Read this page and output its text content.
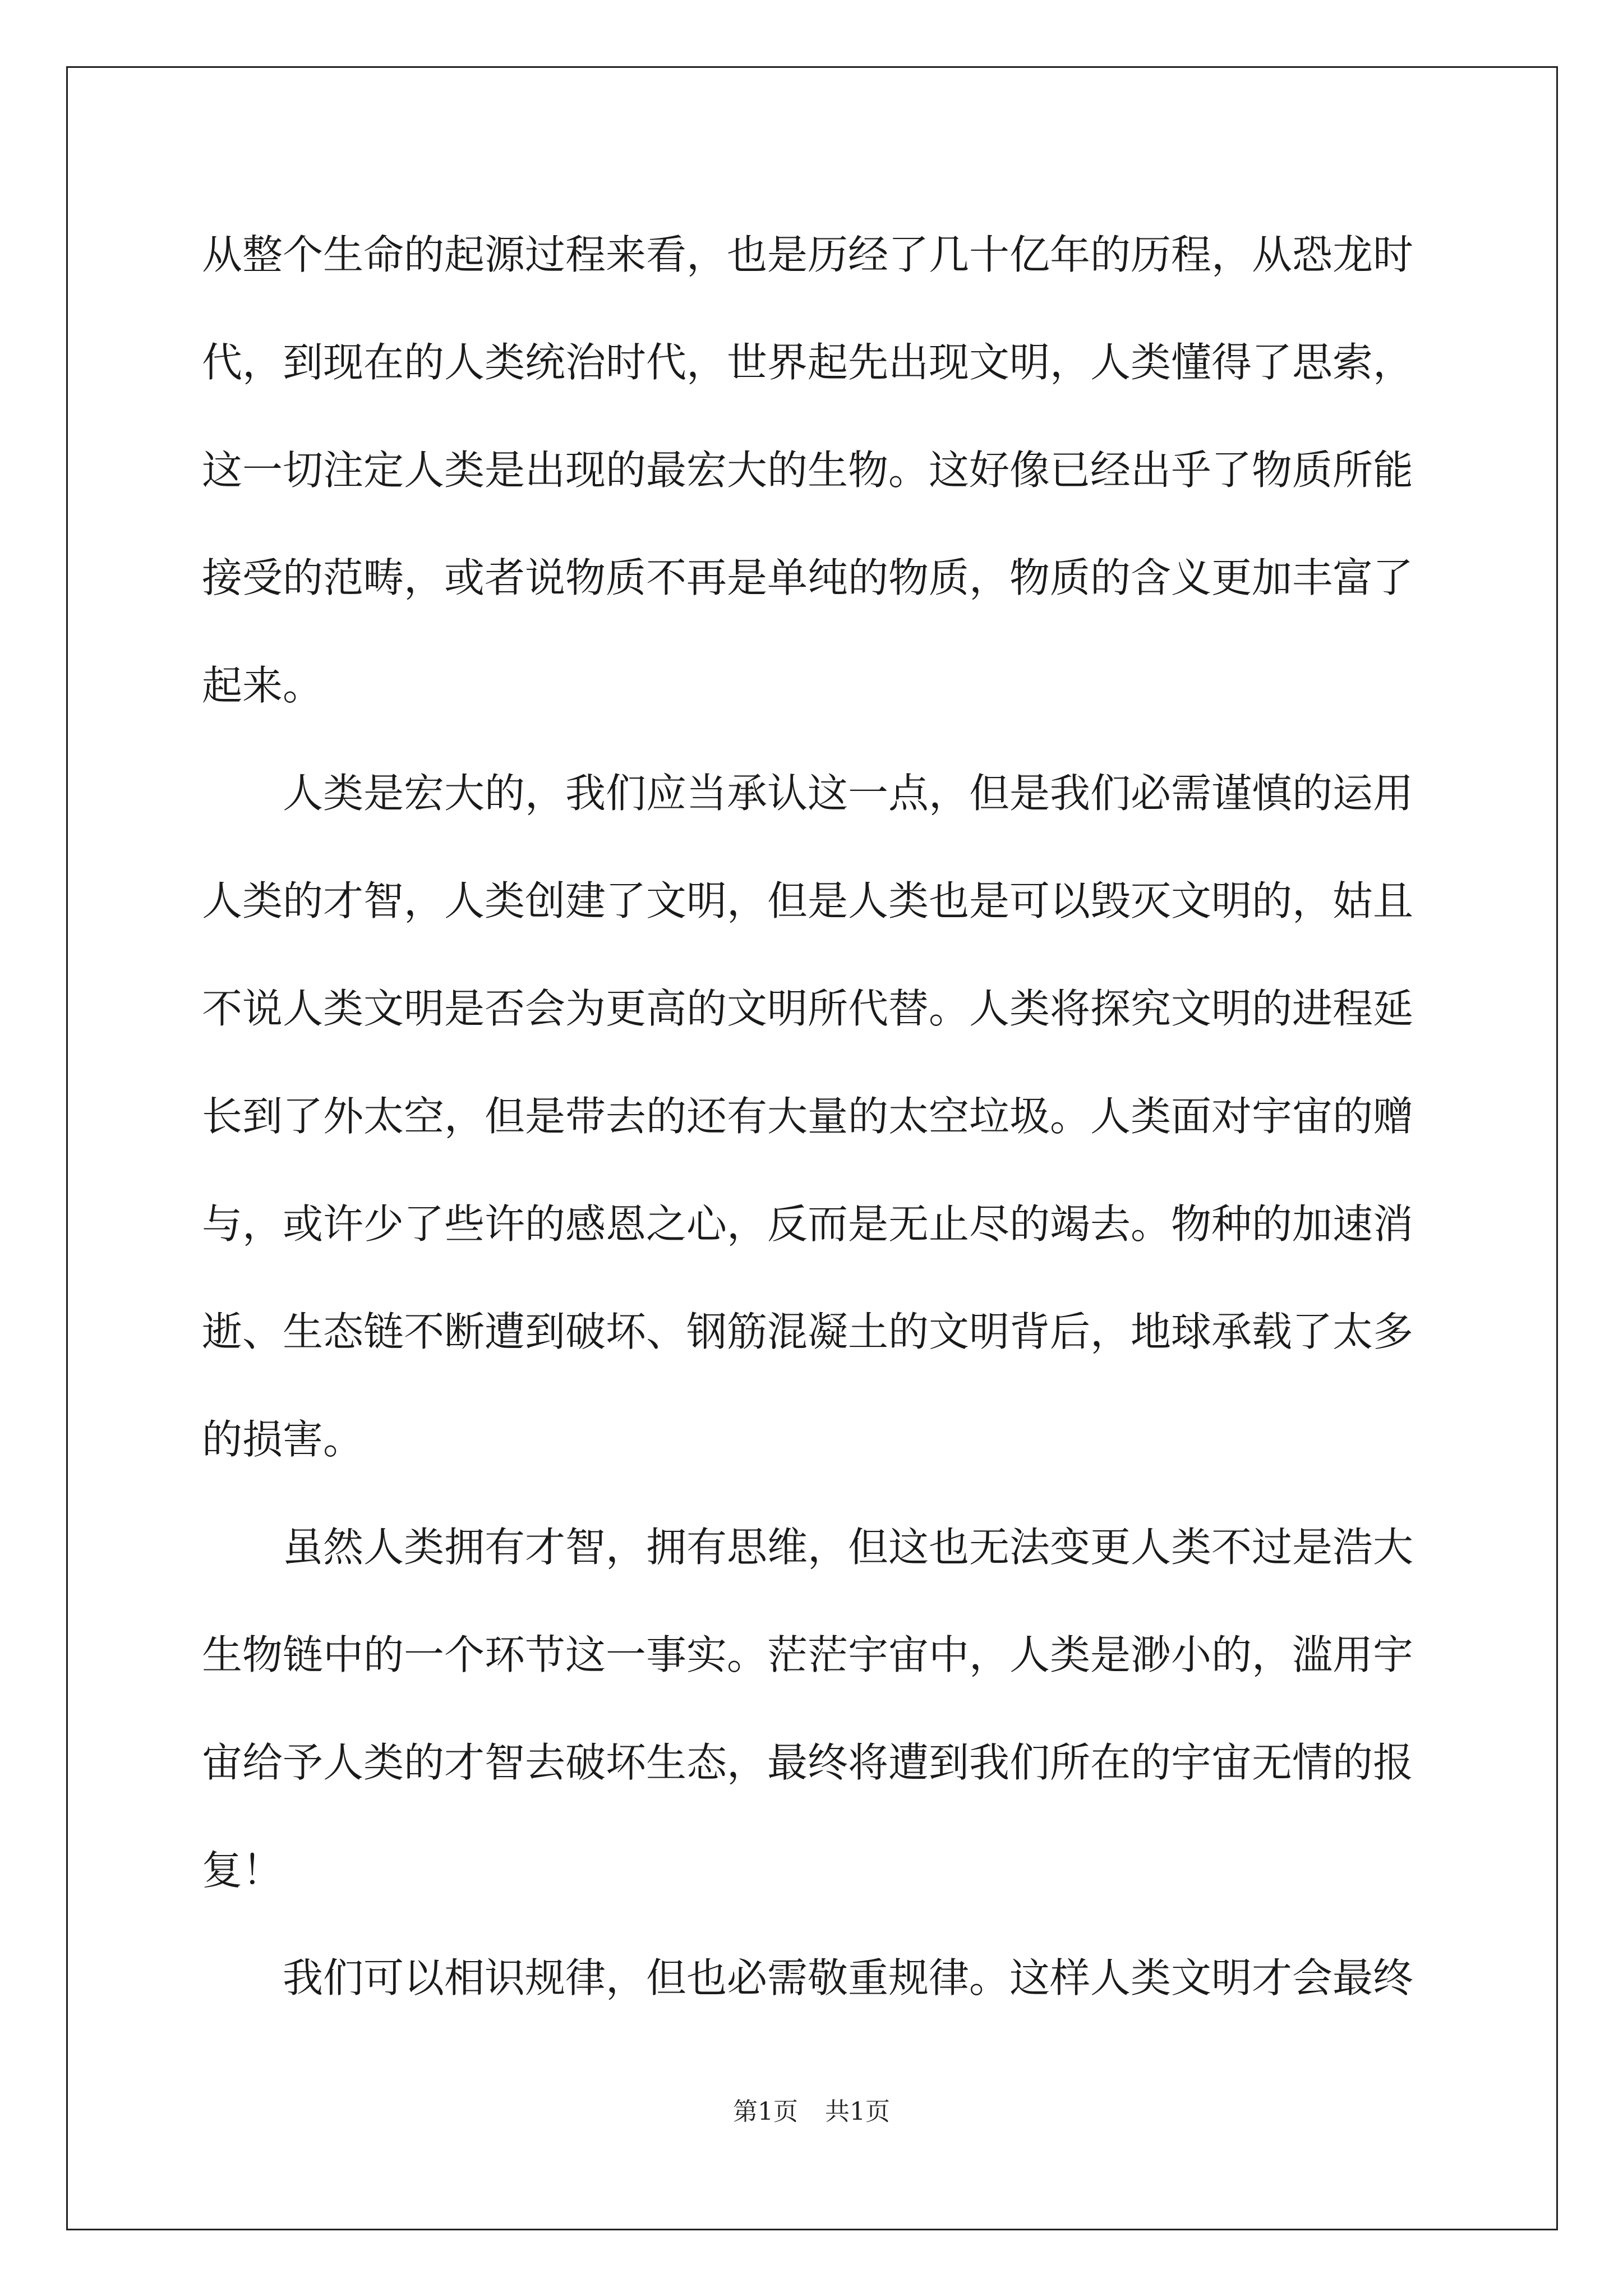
从整个生命的起源过程来看，也是历经了几十亿年的历程，从恐龙时
代，到现在的人类统治时代，世界起先出现文明，人类懂得了思索，
这一切注定人类是出现的最宏大的生物。这好像已经出乎了物质所能
接受的范畴，或者说物质不再是单纯的物质，物质的含义更加丰富了
起来。
人类是宏大的，我们应当承认这一点，但是我们必需谨慎的运用
人类的才智，人类创建了文明，但是人类也是可以毁灭文明的，姑且
不说人类文明是否会为更高的文明所代替。人类将探究文明的进程延
长到了外太空，但是带去的还有大量的太空垃圾。人类面对宇宙的赠
与，或许少了些许的感恩之心，反而是无止尽的竭去。物种的加速消
逝、生态链不断遭到破坏、钢筋混凝土的文明背后，地球承载了太多
的损害。
虽然人类拥有才智，拥有思维，但这也无法变更人类不过是浩大
生物链中的一个环节这一事实。茫茫宇宙中，人类是渺小的，滥用宇
宙给予人类的才智去破坏生态，最终将遭到我们所在的宇宙无情的报
复！
我们可以相识规律，但也必需敬重规律。这样人类文明才会最终
第1页 共1页
